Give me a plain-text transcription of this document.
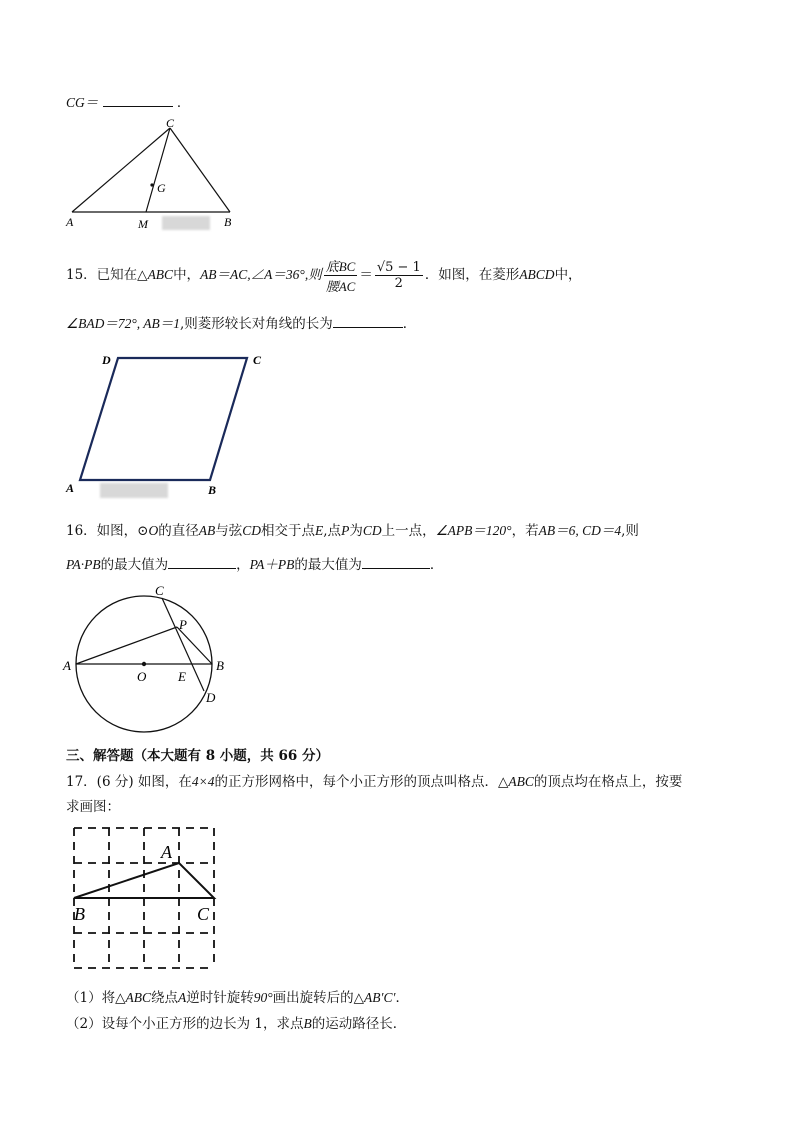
CG＝	．
A	B
C
G
M
15．已知在△ABC中，AB＝AC,∠A＝36°,则 $\frac{\text{底BC}}{\text{腰AC}} = \frac{√5 - 1}{2}$ ．如图，在菱形ABCD中，
∠BAD＝72°, AB＝1,则菱形较长对角线的长为	．
A	B
C
D
16．如图，⊙O的直径AB与弦CD相交于点E,点P为CD上一点，∠APB＝120°，若AB＝6, CD＝4,则
PA·PB的最大值为	，PA＋PB的最大值为	．
A	B
C
D
E
O
P
三、解答题（本大题有 8 小题，共 66 分）
17．(6 分) 如图，在4×4的正方形网格中，每个小正方形的顶点叫格点．△ABC的顶点均在格点上，按要
求画图：
A
B	C
（1）将△ABC绕点A逆时针旋转90°画出旋转后的△AB′C′．
（2）设每个小正方形的边长为 1，求点B的运动路径长．
